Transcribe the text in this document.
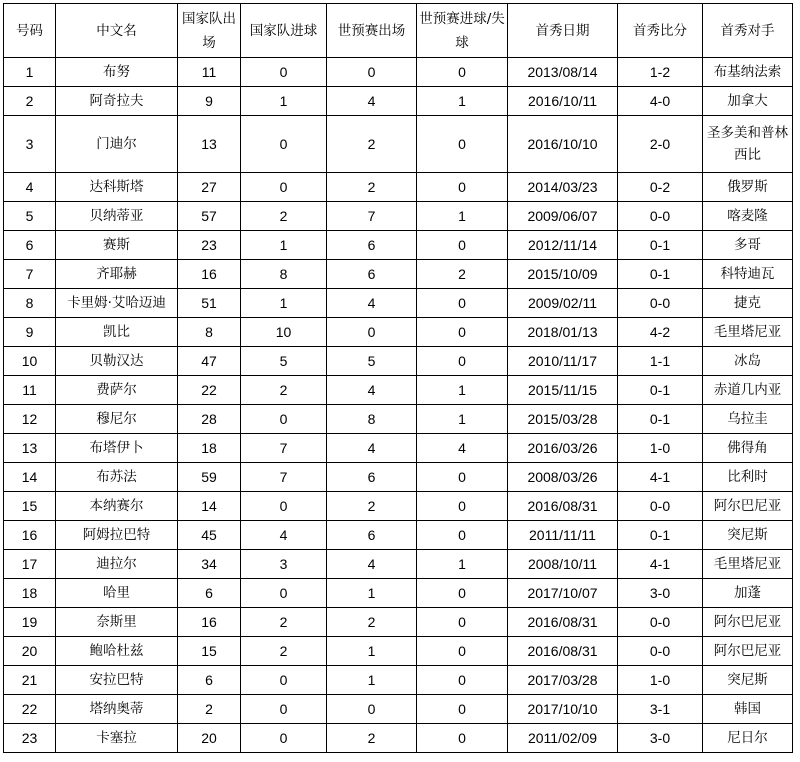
号码	中文名	国家队出场	国家队进球	世预赛出场	世预赛进球/失球	首秀日期	首秀比分	首秀对手
1	布努	11	0	0	0	2013/08/14	1-2	布基纳法索
2	阿奇拉夫	9	1	4	1	2016/10/11	4-0	加拿大
3	门迪尔	13	0	2	0	2016/10/10	2-0	圣多美和普林西比
4	达科斯塔	27	0	2	0	2014/03/23	0-2	俄罗斯
5	贝纳蒂亚	57	2	7	1	2009/06/07	0-0	喀麦隆
6	赛斯	23	1	6	0	2012/11/14	0-1	多哥
7	齐耶赫	16	8	6	2	2015/10/09	0-1	科特迪瓦
8	卡里姆·艾哈迈迪	51	1	4	0	2009/02/11	0-0	捷克
9	凯比	8	10	0	0	2018/01/13	4-2	毛里塔尼亚
10	贝勒汉达	47	5	5	0	2010/11/17	1-1	冰岛
11	费萨尔	22	2	4	1	2015/11/15	0-1	赤道几内亚
12	穆尼尔	28	0	8	1	2015/03/28	0-1	乌拉圭
13	布塔伊卜	18	7	4	4	2016/03/26	1-0	佛得角
14	布苏法	59	7	6	0	2008/03/26	4-1	比利时
15	本纳赛尔	14	0	2	0	2016/08/31	0-0	阿尔巴尼亚
16	阿姆拉巴特	45	4	6	0	2011/11/11	0-1	突尼斯
17	迪拉尔	34	3	4	1	2008/10/11	4-1	毛里塔尼亚
18	哈里	6	0	1	0	2017/10/07	3-0	加蓬
19	奈斯里	16	2	2	0	2016/08/31	0-0	阿尔巴尼亚
20	鲍哈杜兹	15	2	1	0	2016/08/31	0-0	阿尔巴尼亚
21	安拉巴特	6	0	1	0	2017/03/28	1-0	突尼斯
22	塔纳奥蒂	2	0	0	0	2017/10/10	3-1	韩国
23	卡塞拉	20	0	2	0	2011/02/09	3-0	尼日尔
